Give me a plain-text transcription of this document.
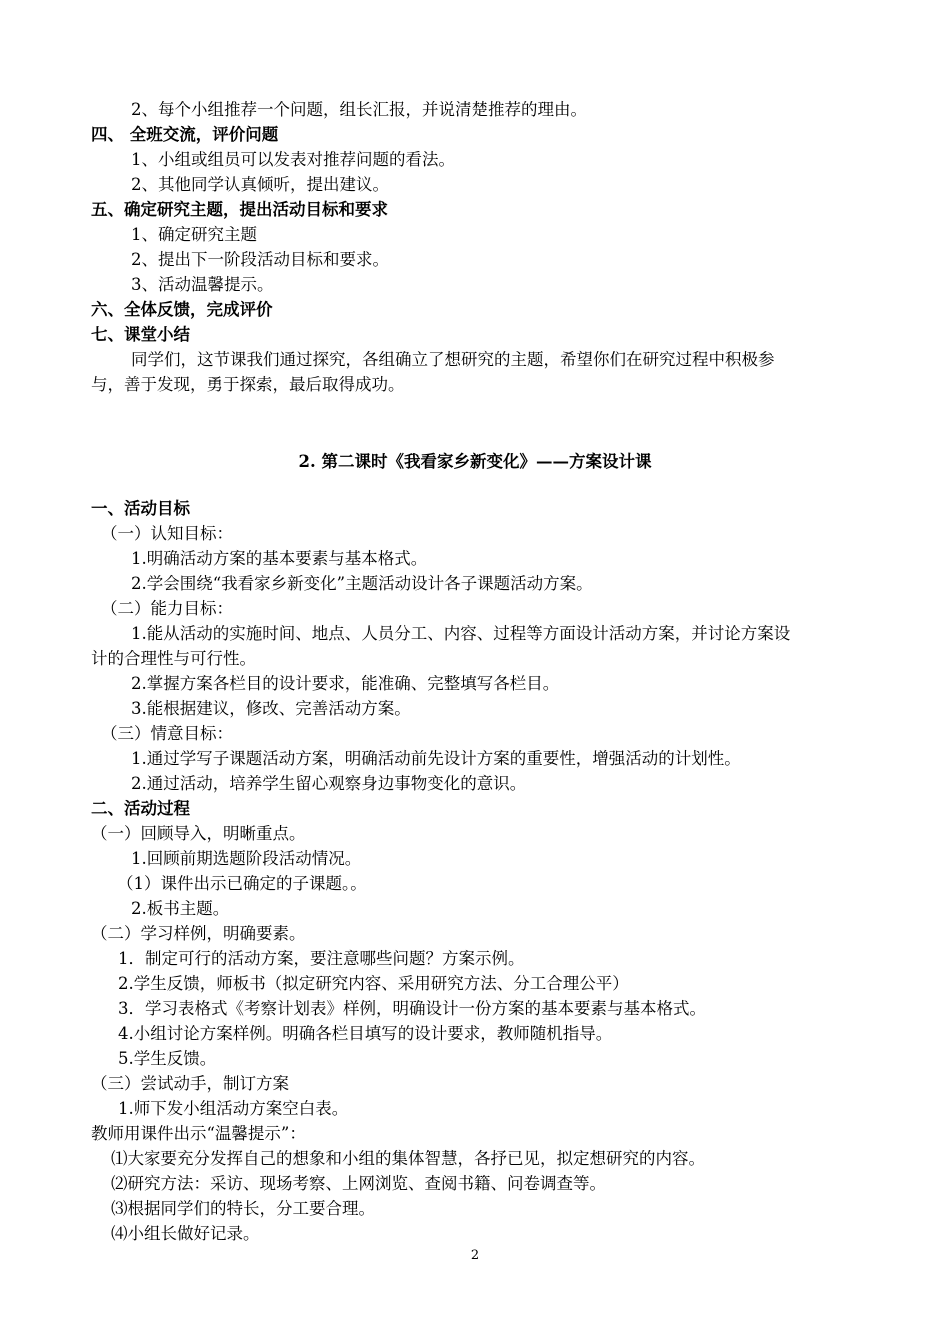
2、每个小组推荐一个问题，组长汇报，并说清楚推荐的理由。
四、 全班交流，评价问题
1、小组或组员可以发表对推荐问题的看法。
2、其他同学认真倾听，提出建议。
五、确定研究主题，提出活动目标和要求
1、确定研究主题
2、提出下一阶段活动目标和要求。
3、活动温馨提示。
六、全体反馈，完成评价
七、课堂小结
同学们，这节课我们通过探究，各组确立了想研究的主题，希望你们在研究过程中积极参
与，善于发现，勇于探索，最后取得成功。
2. 第二课时《我看家乡新变化》——方案设计课
一、活动目标
（一）认知目标：
1.明确活动方案的基本要素与基本格式。
2.学会围绕“我看家乡新变化”主题活动设计各子课题活动方案。
（二）能力目标：
1.能从活动的实施时间、地点、人员分工、内容、过程等方面设计活动方案，并讨论方案设
计的合理性与可行性。
2.掌握方案各栏目的设计要求，能准确、完整填写各栏目。
3.能根据建议，修改、完善活动方案。
（三）情意目标：
1.通过学写子课题活动方案，明确活动前先设计方案的重要性，增强活动的计划性。
2.通过活动，培养学生留心观察身边事物变化的意识。
二、活动过程
（一）回顾导入，明晰重点。
1.回顾前期选题阶段活动情况。
（1）课件出示已确定的子课题。。
2.板书主题。
（二）学习样例，明确要素。
1．制定可行的活动方案，要注意哪些问题？方案示例。
2.学生反馈，师板书（拟定研究内容、采用研究方法、分工合理公平）
3．学习表格式《考察计划表》样例，明确设计一份方案的基本要素与基本格式。
4.小组讨论方案样例。明确各栏目填写的设计要求，教师随机指导。
5.学生反馈。
（三）尝试动手，制订方案
1.师下发小组活动方案空白表。
教师用课件出示“温馨提示”：
⑴大家要充分发挥自己的想象和小组的集体智慧，各抒已见，拟定想研究的内容。
⑵研究方法：采访、现场考察、上网浏览、查阅书籍、问卷调查等。
⑶根据同学们的特长，分工要合理。
⑷小组长做好记录。
2
